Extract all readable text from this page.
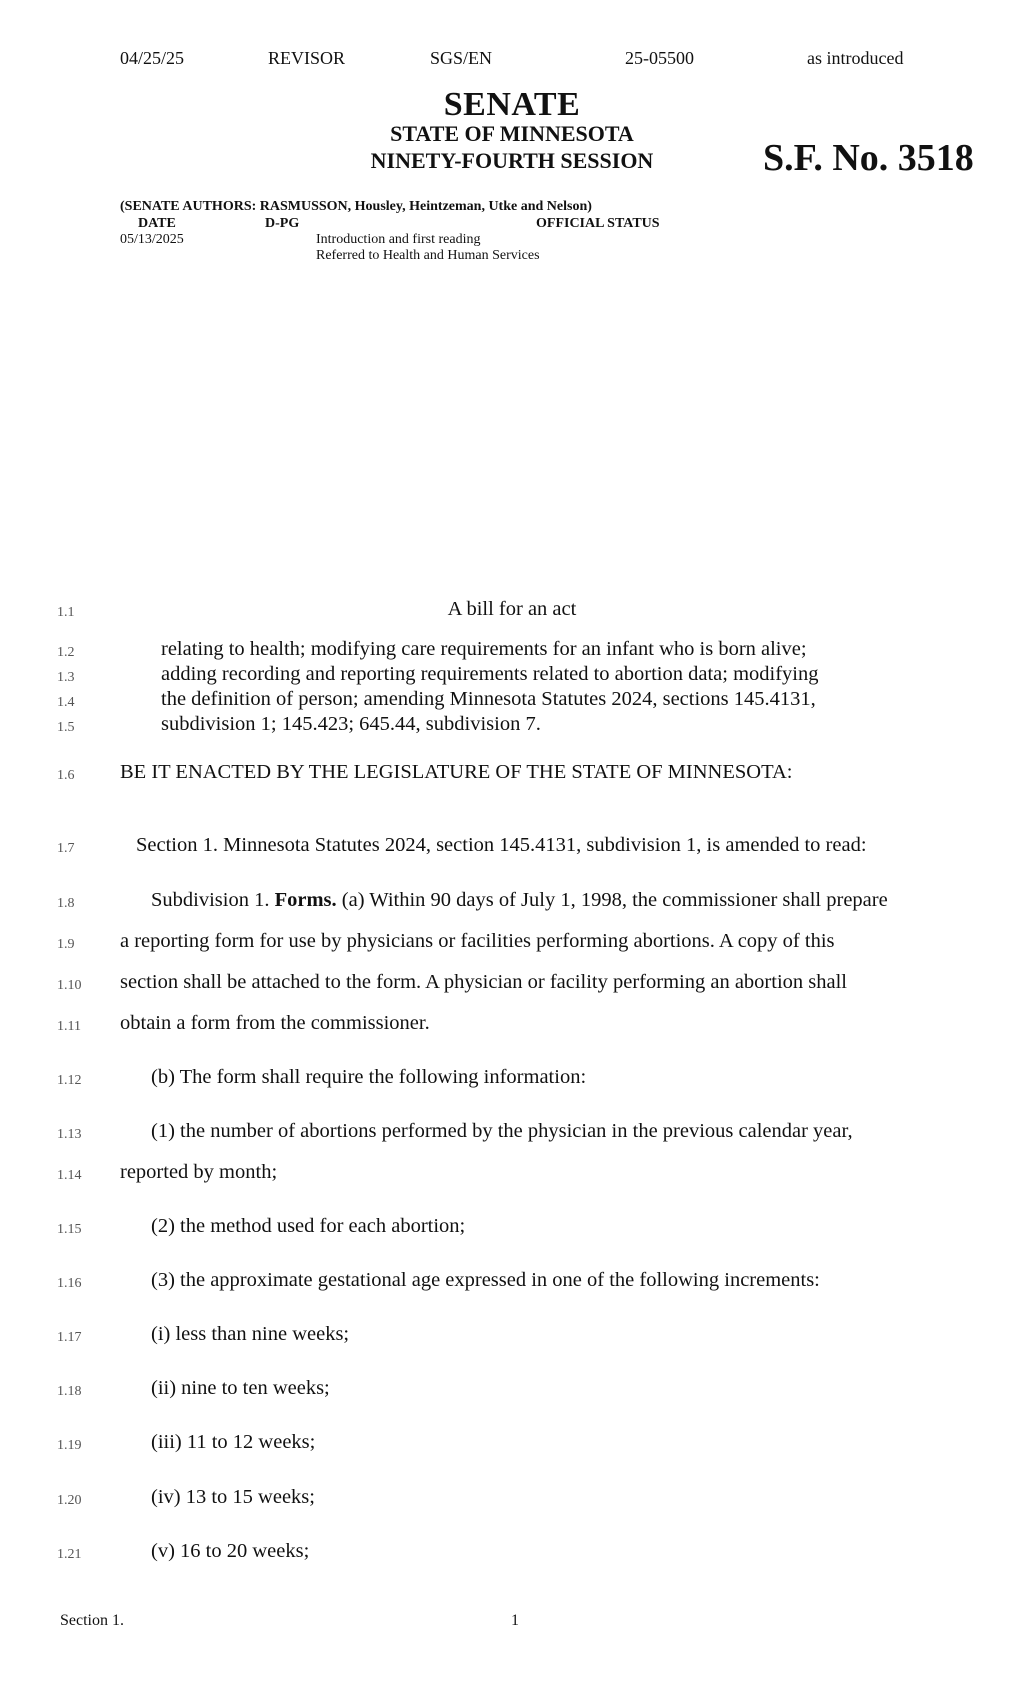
04/25/25	REVISOR	SGS/EN	25-05500	as introduced
SENATE
STATE OF MINNESOTA
NINETY-FOURTH SESSION	S.F. No. 3518
(SENATE AUTHORS: RASMUSSON, Housley, Heintzeman, Utke and Nelson)
DATE	D-PG	OFFICIAL STATUS
05/13/2025	Introduction and first reading
Referred to Health and Human Services
1.1	A bill for an act
1.2	relating to health; modifying care requirements for an infant who is born alive;
1.3	adding recording and reporting requirements related to abortion data; modifying
1.4	the definition of person; amending Minnesota Statutes 2024, sections 145.4131,
1.5	subdivision 1; 145.423; 645.44, subdivision 7.
1.6 BE IT ENACTED BY THE LEGISLATURE OF THE STATE OF MINNESOTA:
1.7	Section 1. Minnesota Statutes 2024, section 145.4131, subdivision 1, is amended to read:
1.8	Subdivision 1. Forms. (a) Within 90 days of July 1, 1998, the commissioner shall prepare
1.9 a reporting form for use by physicians or facilities performing abortions. A copy of this
1.10 section shall be attached to the form. A physician or facility performing an abortion shall
1.11 obtain a form from the commissioner.
1.12	(b) The form shall require the following information:
1.13	(1) the number of abortions performed by the physician in the previous calendar year,
1.14 reported by month;
1.15	(2) the method used for each abortion;
1.16	(3) the approximate gestational age expressed in one of the following increments:
1.17	(i) less than nine weeks;
1.18	(ii) nine to ten weeks;
1.19	(iii) 11 to 12 weeks;
1.20	(iv) 13 to 15 weeks;
1.21	(v) 16 to 20 weeks;
Section 1.	1
